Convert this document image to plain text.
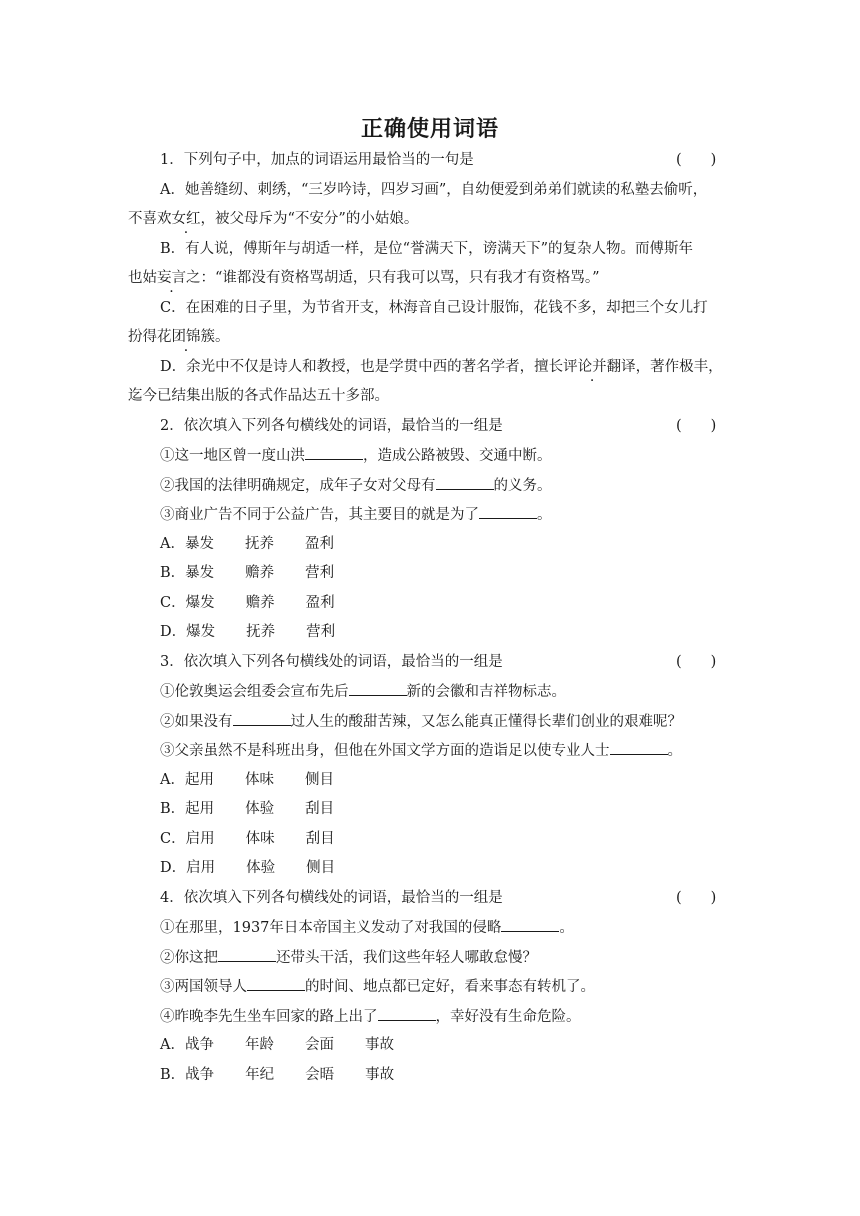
正确使用词语
1．下列句子中，加点的词语运用最恰当的一句是	(　　)
A．她善缝纫、刺绣，“三岁吟诗，四岁习画”，自幼便爱到弟弟们就读的私塾去偷听，
不喜欢女红，被父母斥为“不安分”的小姑娘。
B．有人说，傅斯年与胡适一样，是位“誉满天下，谤满天下”的复杂人物。而傅斯年
也姑妄言之：“谁都没有资格骂胡适，只有我可以骂，只有我才有资格骂。”
C．在困难的日子里，为节省开支，林海音自己设计服饰，花钱不多，却把三个女儿打
扮得花团锦簇。
D．余光中不仅是诗人和教授，也是学贯中西的著名学者，擅长评论并翻译，著作极丰，
迄今已结集出版的各式作品达五十多部。
2．依次填入下列各句横线处的词语，最恰当的一组是	(　　)
①这一地区曾一度山洪	，造成公路被毁、交通中断。
②我国的法律明确规定，成年子女对父母有	的义务。
③商业广告不同于公益广告，其主要目的就是为了	。
A．暴发 抚养 盈利
B．暴发 赡养 营利
C．爆发 赡养 盈利
D．爆发 抚养 营利
3．依次填入下列各句横线处的词语，最恰当的一组是	(　　)
①伦敦奥运会组委会宣布先后	新的会徽和吉祥物标志。
②如果没有	过人生的酸甜苦辣，又怎么能真正懂得长辈们创业的艰难呢？
③父亲虽然不是科班出身，但他在外国文学方面的造诣足以使专业人士	。
A．起用 体味 侧目
B．起用 体验 刮目
C．启用 体味 刮目
D．启用 体验 侧目
4．依次填入下列各句横线处的词语，最恰当的一组是	(　　)
①在那里，1937年日本帝国主义发动了对我国的侵略	。
②你这把	还带头干活，我们这些年轻人哪敢怠慢？
③两国领导人	的时间、地点都已定好，看来事态有转机了。
④昨晚李先生坐车回家的路上出了	，幸好没有生命危险。
A．战争 年龄 会面 事故
B．战争 年纪 会晤 事故
